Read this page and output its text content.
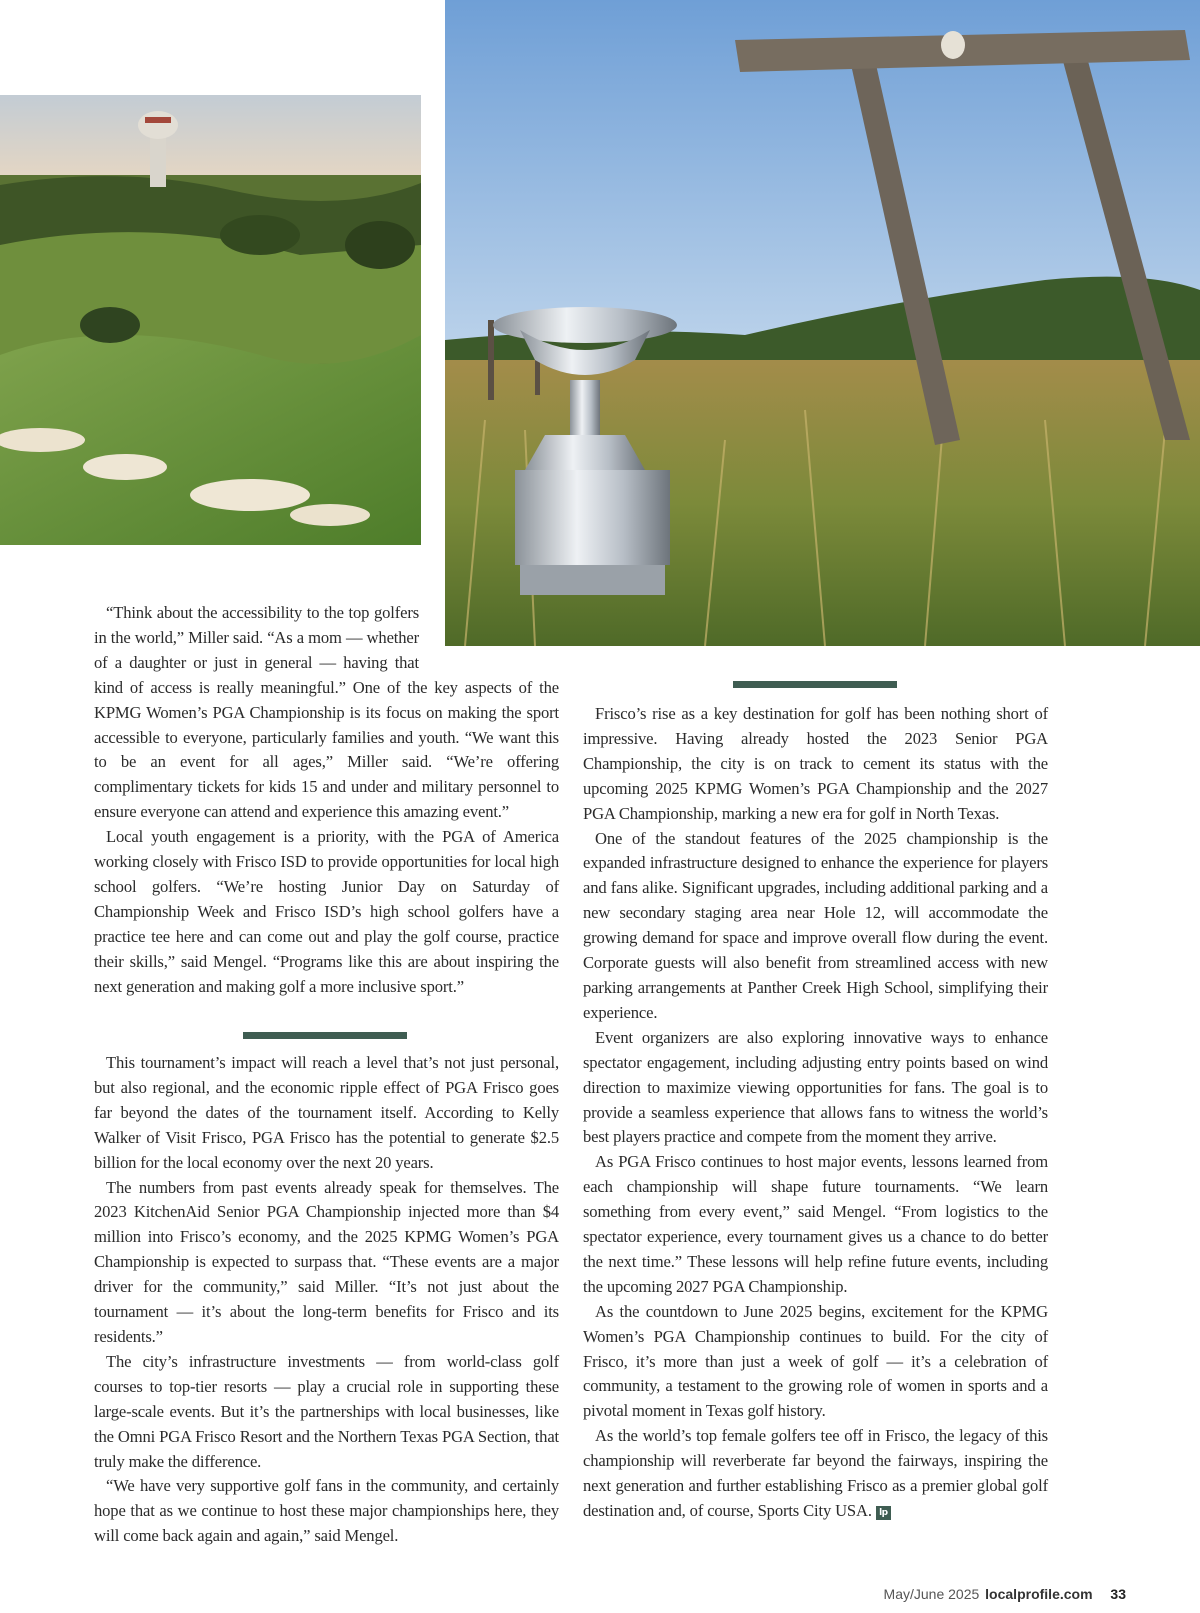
“Think about the accessibility to the top golfers in the world,” Miller said. “As a mom — whether of a daughter or just in general — having that kind of access is really meaningful.” One of the key aspects of the KPMG Women’s PGA Championship is its focus on making the sport accessible to everyone, particularly families and youth. “We want this to be an event for all ages,” Miller said. “We’re offering complimentary tickets for kids 15 and under and military personnel to ensure everyone can attend and experience this amazing event.”

Local youth engagement is a priority, with the PGA of America working closely with Frisco ISD to provide opportunities for local high school golfers. “We’re hosting Junior Day on Saturday of Championship Week and Frisco ISD’s high school golfers have a practice tee here and can come out and play the golf course, practice their skills,” said Mengel. “Programs like this are about inspiring the next generation and making golf a more inclusive sport.”

This tournament’s impact will reach a level that’s not just personal, but also regional, and the economic ripple effect of PGA Frisco goes far beyond the dates of the tournament itself. According to Kelly Walker of Visit Frisco, PGA Frisco has the potential to generate $2.5 billion for the local economy over the next 20 years.

The numbers from past events already speak for themselves. The 2023 KitchenAid Senior PGA Championship injected more than $4 million into Frisco’s economy, and the 2025 KPMG Women’s PGA Championship is expected to surpass that. “These events are a major driver for the community,” said Miller. “It’s not just about the tournament — it’s about the long-term benefits for Frisco and its residents.”

The city’s infrastructure investments — from world-class golf courses to top-tier resorts — play a crucial role in supporting these large-scale events. But it’s the partnerships with local businesses, like the Omni PGA Frisco Resort and the Northern Texas PGA Section, that truly make the difference.

“We have very supportive golf fans in the community, and certainly hope that as we continue to host these major championships here, they will come back again and again,” said Mengel.

Frisco’s rise as a key destination for golf has been nothing short of impressive. Having already hosted the 2023 Senior PGA Championship, the city is on track to cement its status with the upcoming 2025 KPMG Women’s PGA Championship and the 2027 PGA Championship, marking a new era for golf in North Texas.

One of the standout features of the 2025 championship is the expanded infrastructure designed to enhance the experience for players and fans alike. Significant upgrades, including additional parking and a new secondary staging area near Hole 12, will accommodate the growing demand for space and improve overall flow during the event. Corporate guests will also benefit from streamlined access with new parking arrangements at Panther Creek High School, simplifying their experience.

Event organizers are also exploring innovative ways to enhance spectator engagement, including adjusting entry points based on wind direction to maximize viewing opportunities for fans. The goal is to provide a seamless experience that allows fans to witness the world’s best players practice and compete from the moment they arrive.

As PGA Frisco continues to host major events, lessons learned from each championship will shape future tournaments. “We learn something from every event,” said Mengel. “From logistics to the spectator experience, every tournament gives us a chance to do better the next time.” These lessons will help refine future events, including the upcoming 2027 PGA Championship.

As the countdown to June 2025 begins, excitement for the KPMG Women’s PGA Championship continues to build. For the city of Frisco, it’s more than just a week of golf — it’s a celebration of community, a testament to the growing role of women in sports and a pivotal moment in Texas golf history.

As the world’s top female golfers tee off in Frisco, the legacy of this championship will reverberate far beyond the fairways, inspiring the next generation and further establishing Frisco as a premier global golf destination and, of course, Sports City USA. lp

May/June 2025 localprofile.com 33
